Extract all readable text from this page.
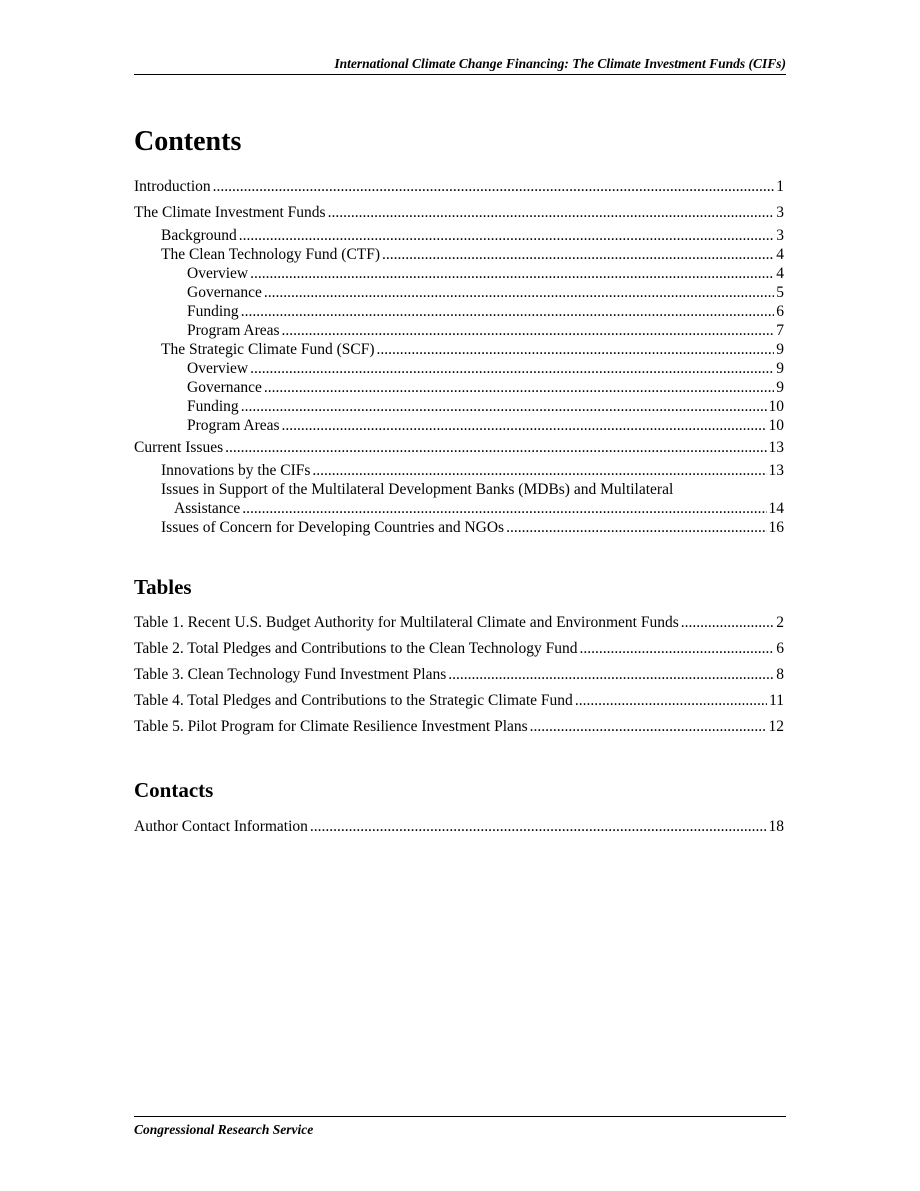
International Climate Change Financing: The Climate Investment Funds (CIFs)
Contents
Introduction .....	1
The Climate Investment Funds .....	3
Background .....	3
The Clean Technology Fund (CTF) .....	4
Overview .....	4
Governance .....	5
Funding .....	6
Program Areas .....	7
The Strategic Climate Fund (SCF) .....	9
Overview .....	9
Governance .....	9
Funding .....	10
Program Areas .....	10
Current Issues .....	13
Innovations by the CIFs .....	13
Issues in Support of the Multilateral Development Banks (MDBs) and Multilateral
Assistance .....	14
Issues of Concern for Developing Countries and NGOs .....	16
Tables
Table 1. Recent U.S. Budget Authority for Multilateral Climate and Environment Funds .....	2
Table 2. Total Pledges and Contributions to the Clean Technology Fund .....	6
Table 3. Clean Technology Fund Investment Plans .....	8
Table 4. Total Pledges and Contributions to the Strategic Climate Fund .....	11
Table 5. Pilot Program for Climate Resilience Investment Plans .....	12
Contacts
Author Contact Information .....	18
Congressional Research Service
